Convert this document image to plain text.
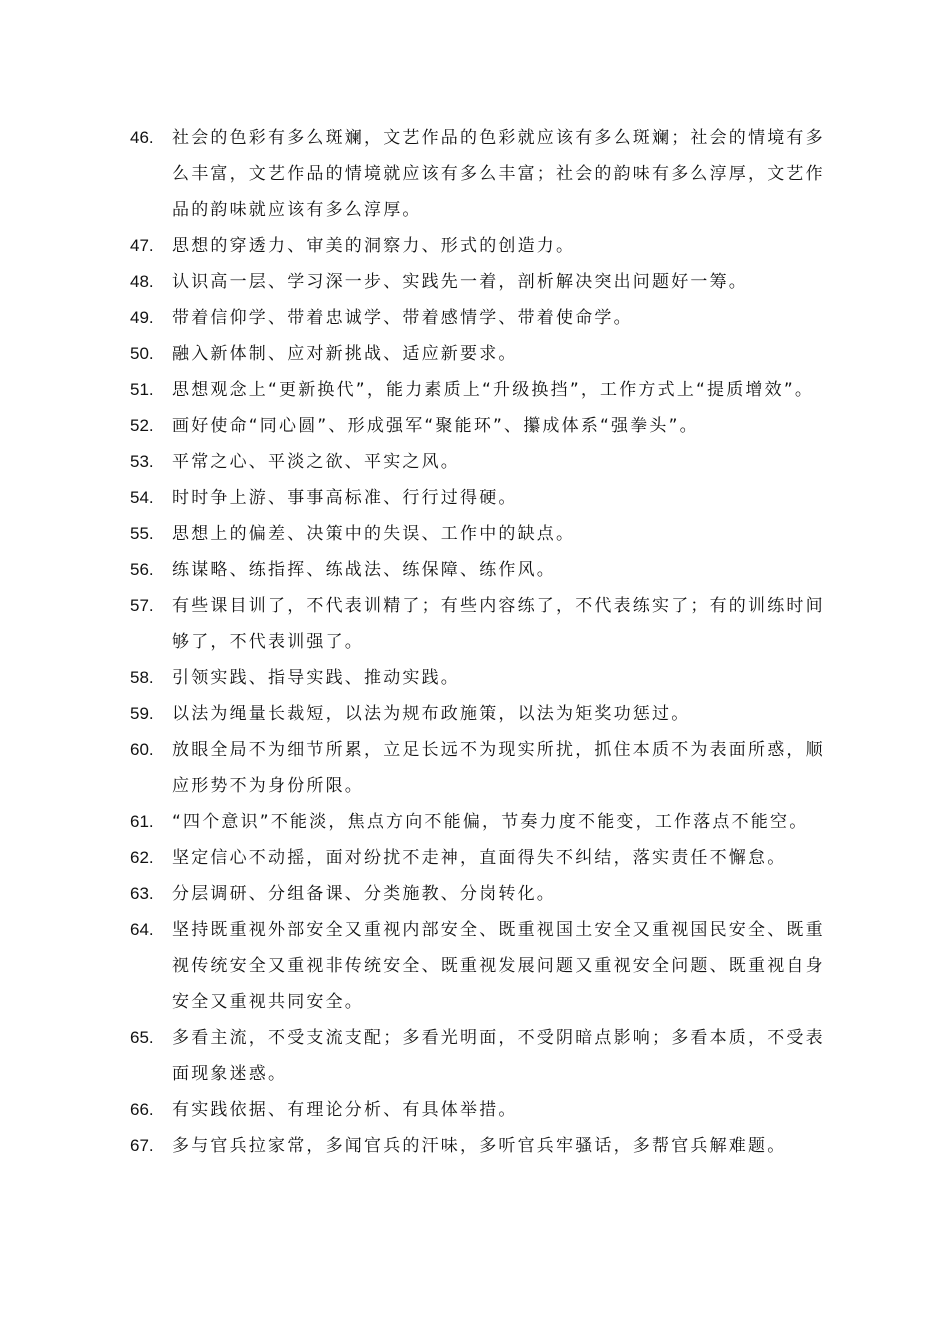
46.	社会的色彩有多么斑斓，文艺作品的色彩就应该有多么斑斓；社会的情境有多么丰富，文艺作品的情境就应该有多么丰富；社会的韵味有多么淳厚，文艺作品的韵味就应该有多么淳厚。
47.	思想的穿透力、审美的洞察力、形式的创造力。
48.	认识高一层、学习深一步、实践先一着，剖析解决突出问题好一筹。
49.	带着信仰学、带着忠诚学、带着感情学、带着使命学。
50.	融入新体制、应对新挑战、适应新要求。
51.	思想观念上“更新换代”，能力素质上“升级换挡”，工作方式上“提质增效”。
52.	画好使命“同心圆”、形成强军“聚能环”、攥成体系“强拳头”。
53.	平常之心、平淡之欲、平实之风。
54.	时时争上游、事事高标准、行行过得硬。
55.	思想上的偏差、决策中的失误、工作中的缺点。
56.	练谋略、练指挥、练战法、练保障、练作风。
57.	有些课目训了，不代表训精了；有些内容练了，不代表练实了；有的训练时间够了，不代表训强了。
58.	引领实践、指导实践、推动实践。
59.	以法为绳量长裁短，以法为规布政施策，以法为矩奖功惩过。
60.	放眼全局不为细节所累，立足长远不为现实所扰，抓住本质不为表面所惑，顺应形势不为身份所限。
61.	“四个意识”不能淡，焦点方向不能偏，节奏力度不能变，工作落点不能空。
62.	坚定信心不动摇，面对纷扰不走神，直面得失不纠结，落实责任不懈怠。
63.	分层调研、分组备课、分类施教、分岗转化。
64.	坚持既重视外部安全又重视内部安全、既重视国土安全又重视国民安全、既重视传统安全又重视非传统安全、既重视发展问题又重视安全问题、既重视自身安全又重视共同安全。
65.	多看主流，不受支流支配；多看光明面，不受阴暗点影响；多看本质，不受表面现象迷惑。
66.	有实践依据、有理论分析、有具体举措。
67.	多与官兵拉家常，多闻官兵的汗味，多听官兵牢骚话，多帮官兵解难题。
